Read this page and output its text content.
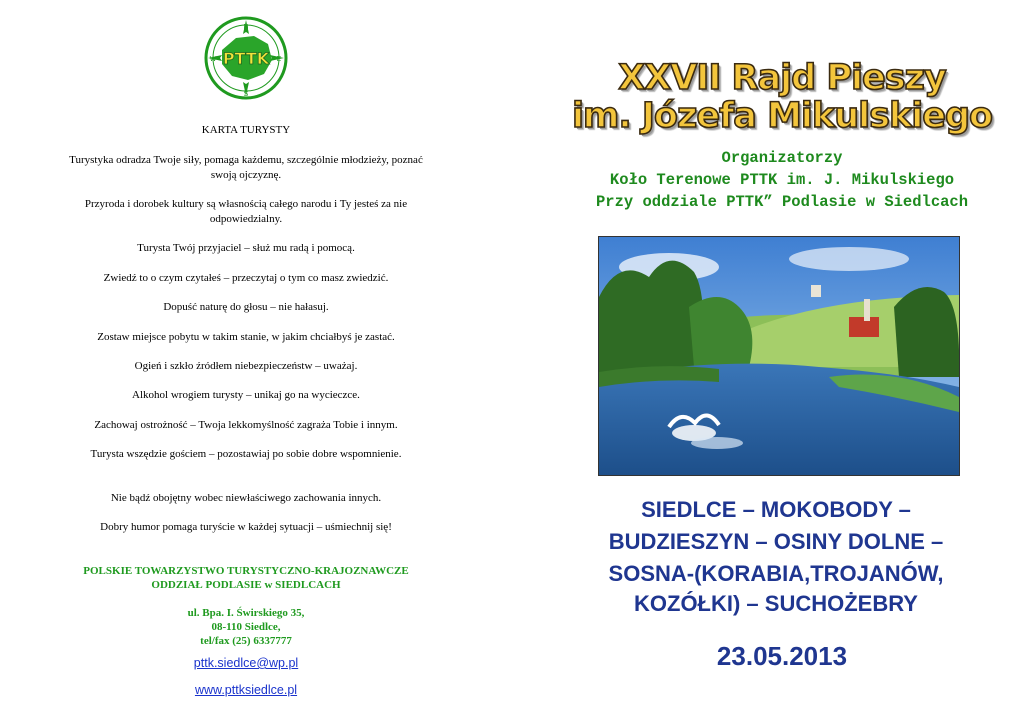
N
S
W	E
PTTK
KARTA TURYSTY

Turystyka odradza Twoje siły, pomaga każdemu, szczególnie młodzieży, poznać swoją ojczyznę.

Przyroda i dorobek kultury są własnością całego narodu i Ty jesteś za nie odpowiedzialny.

Turysta Twój przyjaciel – służ mu radą i pomocą.

Zwiedź to o czym czytałeś – przeczytaj o tym co masz zwiedzić.

Dopuść naturę do głosu – nie hałasuj.

Zostaw miejsce pobytu w takim stanie, w jakim chciałbyś je zastać.

Ogień i szkło źródłem niebezpieczeństw – uważaj.

Alkohol wrogiem turysty – unikaj go na wycieczce.

Zachowaj ostrożność – Twoja lekkomyślność zagraża Tobie i innym.

Turysta wszędzie gościem – pozostawiaj po sobie dobre wspomnienie.

Nie bądź obojętny wobec niewłaściwego zachowania innych.

Dobry humor pomaga turyście w każdej sytuacji – uśmiechnij się!

POLSKIE TOWARZYSTWO TURYSTYCZNO-KRAJOZNAWCZE
ODDZIAŁ PODLASIE w SIEDLCACH
ul. Bpa. I. Świrskiego 35,
08-110 Siedlce,
tel/fax (25) 6337777
pttk.siedlce@wp.pl
www.pttksiedlce.pl
XXVII Rajd Pieszy
im. Józefa Mikulskiego
Organizatorzy
Koło Terenowe PTTK im. J. Mikulskiego
Przy oddziale PTTK” Podlasie w Siedlcach

SIEDLCE – MOKOBODY –

BUDZIESZYN – OSINY DOLNE –

SOSNA-(KORABIA,TROJANÓW,

KOZÓŁKI) – SUCHOŻEBRY

23.05.2013
